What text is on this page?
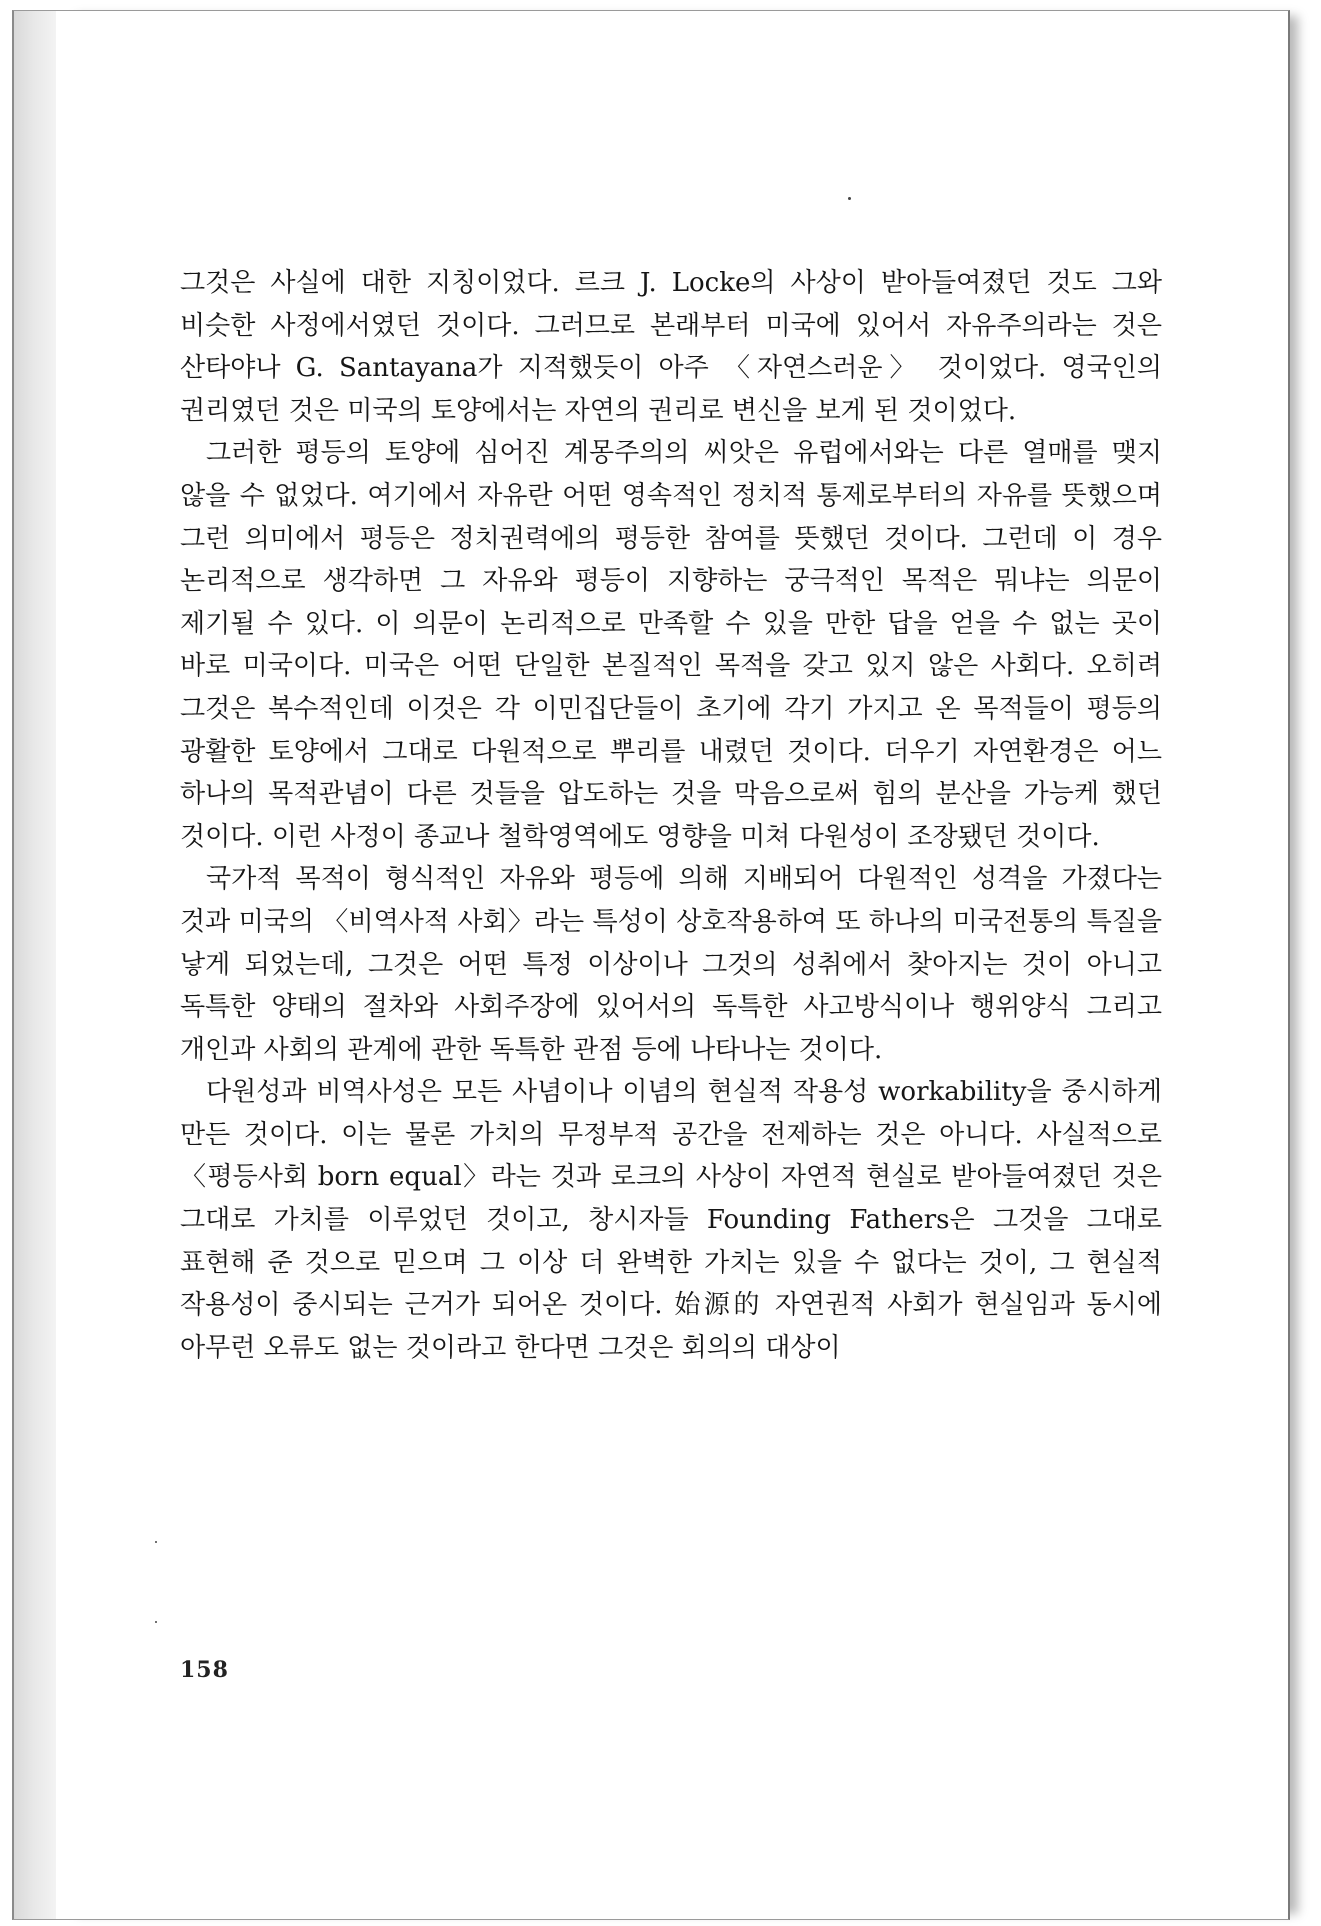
그것은 사실에 대한 지칭이었다. 르크 J. Locke의 사상이 받아들여졌던 것도 그와 비슷한 사정에서였던 것이다. 그러므로 본래부터 미국에 있어서 자유주의라는 것은 산타야나 G. Santayana가 지적했듯이 아주 〈자연스러운〉 것이었다. 영국인의 권리였던 것은 미국의 토양에서는 자연의 권리로 변신을 보게 된 것이었다.

그러한 평등의 토양에 심어진 계몽주의의 씨앗은 유럽에서와는 다른 열매를 맺지 않을 수 없었다. 여기에서 자유란 어떤 영속적인 정치적 통제로부터의 자유를 뜻했으며 그런 의미에서 평등은 정치권력에의 평등한 참여를 뜻했던 것이다. 그런데 이 경우 논리적으로 생각하면 그 자유와 평등이 지향하는 궁극적인 목적은 뭐냐는 의문이 제기될 수 있다. 이 의문이 논리적으로 만족할 수 있을 만한 답을 얻을 수 없는 곳이 바로 미국이다. 미국은 어떤 단일한 본질적인 목적을 갖고 있지 않은 사회다. 오히려 그것은 복수적인데 이것은 각 이민집단들이 초기에 각기 가지고 온 목적들이 평등의 광활한 토양에서 그대로 다원적으로 뿌리를 내렸던 것이다. 더우기 자연환경은 어느 하나의 목적관념이 다른 것들을 압도하는 것을 막음으로써 힘의 분산을 가능케 했던 것이다. 이런 사정이 종교나 철학영역에도 영향을 미쳐 다원성이 조장됐던 것이다.

국가적 목적이 형식적인 자유와 평등에 의해 지배되어 다원적인 성격을 가졌다는 것과 미국의 〈비역사적 사회〉라는 특성이 상호작용하여 또 하나의 미국전통의 특질을 낳게 되었는데, 그것은 어떤 특정 이상이나 그것의 성취에서 찾아지는 것이 아니고 독특한 양태의 절차와 사회주장에 있어서의 독특한 사고방식이나 행위양식 그리고 개인과 사회의 관계에 관한 독특한 관점 등에 나타나는 것이다.

다원성과 비역사성은 모든 사념이나 이념의 현실적 작용성 workability을 중시하게 만든 것이다. 이는 물론 가치의 무정부적 공간을 전제하는 것은 아니다. 사실적으로 〈평등사회 born equal〉라는 것과 로크의 사상이 자연적 현실로 받아들여졌던 것은 그대로 가치를 이루었던 것이고, 창시자들 Founding Fathers은 그것을 그대로 표현해 준 것으로 믿으며 그 이상 더 완벽한 가치는 있을 수 없다는 것이, 그 현실적 작용성이 중시되는 근거가 되어온 것이다. 始源的 자연권적 사회가 현실임과 동시에 아무런 오류도 없는 것이라고 한다면 그것은 회의의 대상이

158
